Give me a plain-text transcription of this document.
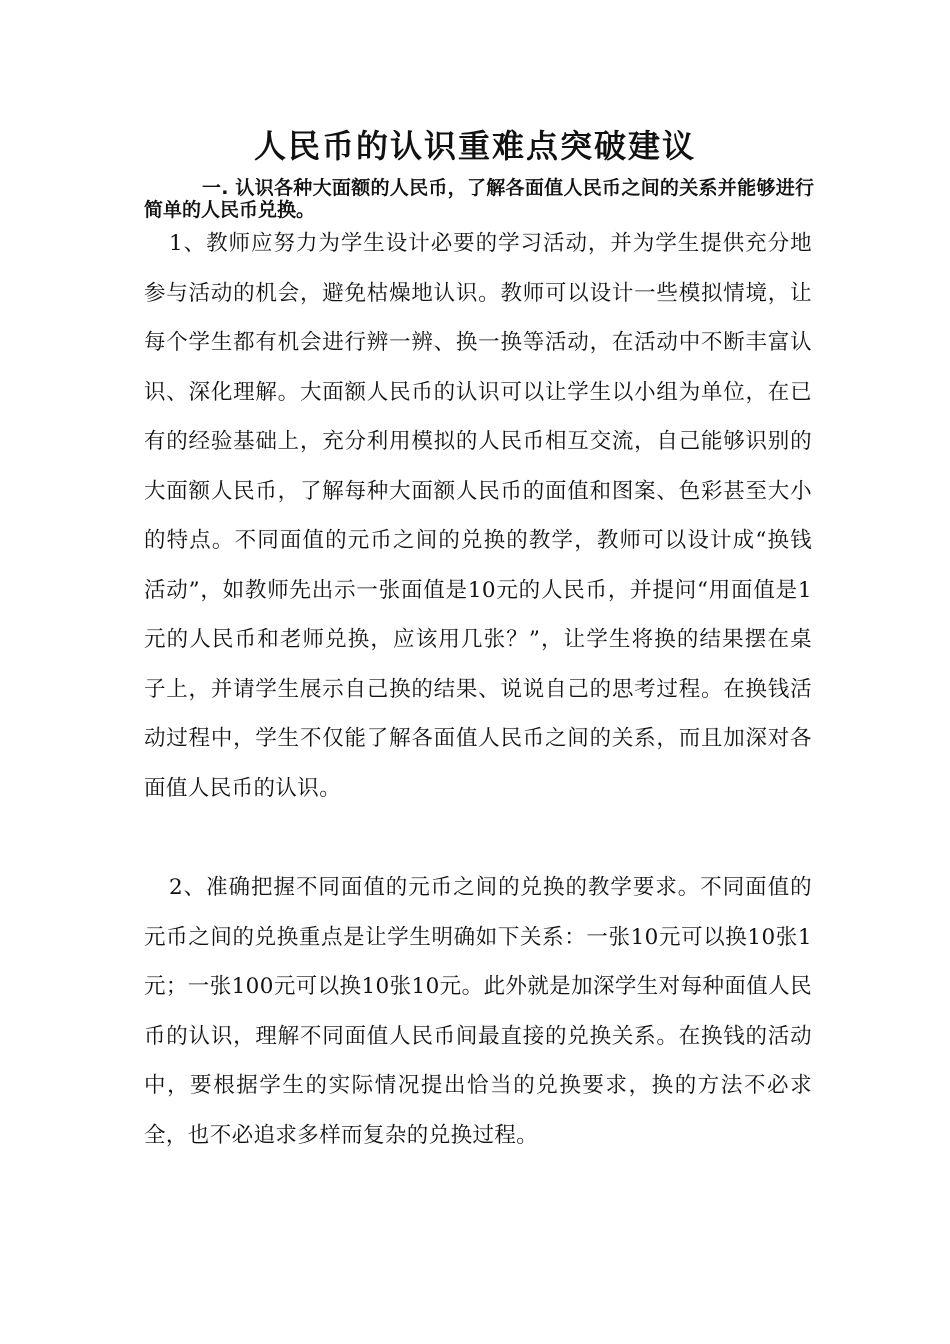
人民币的认识重难点突破建议

一. 认识各种大面额的人民币，了解各面值人民币之间的关系并能够进行简单的人民币兑换。

1、教师应努力为学生设计必要的学习活动，并为学生提供充分地参与活动的机会，避免枯燥地认识。教师可以设计一些模拟情境，让每个学生都有机会进行辨一辨、换一换等活动，在活动中不断丰富认识、深化理解。大面额人民币的认识可以让学生以小组为单位，在已有的经验基础上，充分利用模拟的人民币相互交流，自己能够识别的大面额人民币，了解每种大面额人民币的面值和图案、色彩甚至大小的特点。不同面值的元币之间的兑换的教学，教师可以设计成“换钱活动”，如教师先出示一张面值是10元的人民币，并提问“用面值是1元的人民币和老师兑换，应该用几张？”，让学生将换的结果摆在桌子上，并请学生展示自己换的结果、说说自己的思考过程。在换钱活动过程中，学生不仅能了解各面值人民币之间的关系，而且加深对各面值人民币的认识。

2、准确把握不同面值的元币之间的兑换的教学要求。不同面值的元币之间的兑换重点是让学生明确如下关系：一张10元可以换10张1元；一张100元可以换10张10元。此外就是加深学生对每种面值人民币的认识，理解不同面值人民币间最直接的兑换关系。在换钱的活动中，要根据学生的实际情况提出恰当的兑换要求，换的方法不必求全，也不必追求多样而复杂的兑换过程。
